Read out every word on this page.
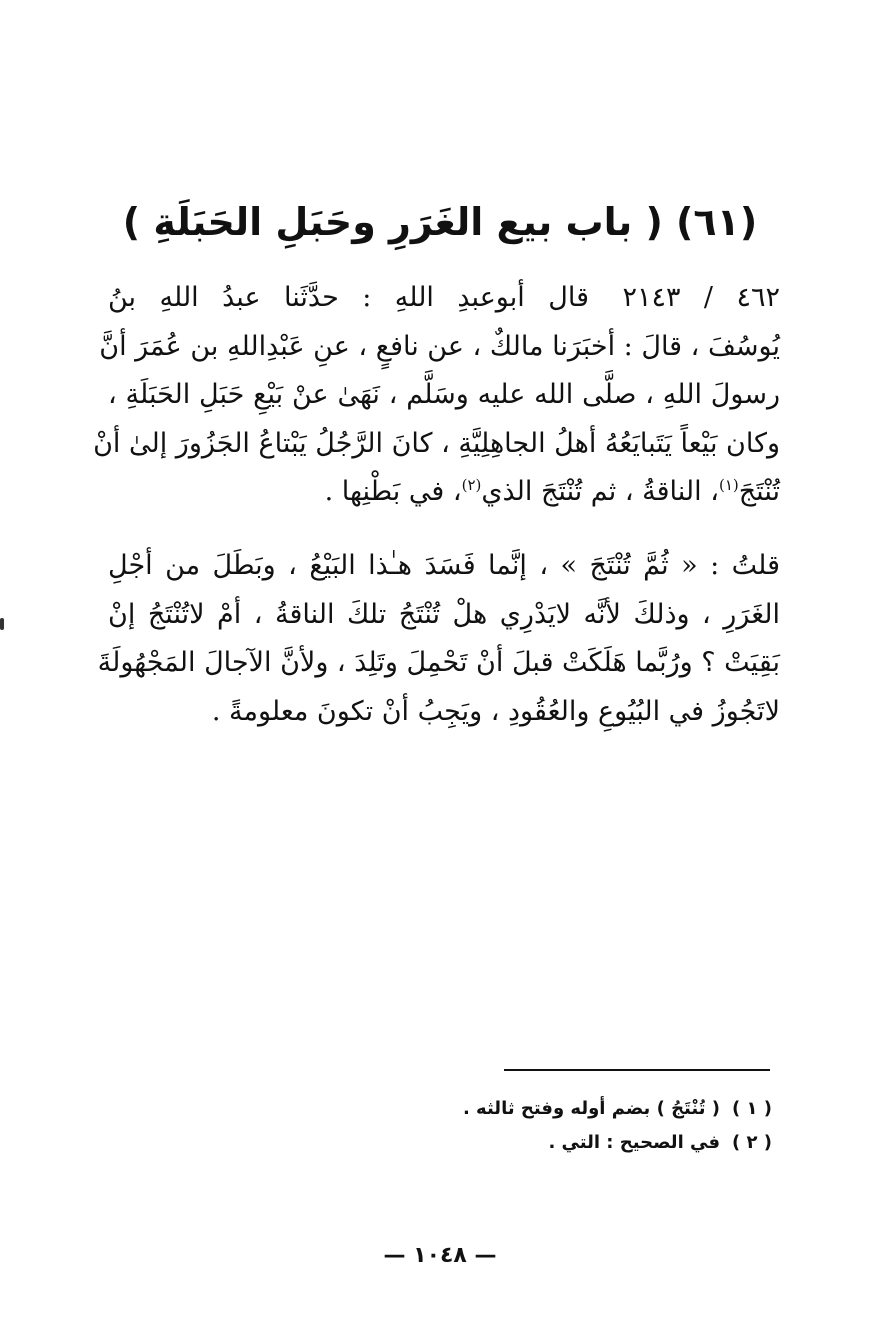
(٦١) ( باب بيع الغَرَرِ وحَبَلِ الحَبَلَةِ )
٤٦٢ / ٢١٤٣ قال أبوعبدِ اللهِ : حدَّثَنا عبدُ اللهِ بنُ
يُوسُفَ ، قالَ : أخبَرَنا مالكٌ ، عن نافعٍ ، عنِ عَبْدِاللهِ بن عُمَرَ أنَّ
رسولَ اللهِ ، صلَّى الله عليه وسَلَّم ، نَهَىٰ عنْ بَيْعِ حَبَلِ الحَبَلَةِ ،
وكان بَيْعاً يَتَبايَعُهُ أهلُ الجاهِلِيَّةِ ، كانَ الرَّجُلُ يَبْتاعُ الجَزُورَ إلىٰ أنْ
تُنْتَجَ$^{(١)}$، الناقةُ ، ثم تُنْتَجَ الذي$^{(٢)}$، في بَطْنِها .
قلتُ : « ثُمَّ تُنْتَجَ » ، إنَّما فَسَدَ هـٰذا البَيْعُ ، وبَطَلَ من أجْلِ
الغَرَرِ ، وذلكَ لأنَّه لايَدْرِي هلْ تُنْتَجُ تلكَ الناقةُ ، أمْ لاتُنْتَجُ إنْ
بَقِيَتْ ؟ ورُبَّما هَلَكَتْ قبلَ أنْ تَحْمِلَ وتَلِدَ ، ولأنَّ الآجالَ المَجْهُولَةَ
لاتَجُوزُ في البُيُوعِ والعُقُودِ ، ويَجِبُ أنْ تكونَ معلومةً .
( ١ )( تُنْتَجُ ) بضم أوله وفتح ثالثه .
( ٢ )في الصحيح : التي .
— ١٠٤٨ —
